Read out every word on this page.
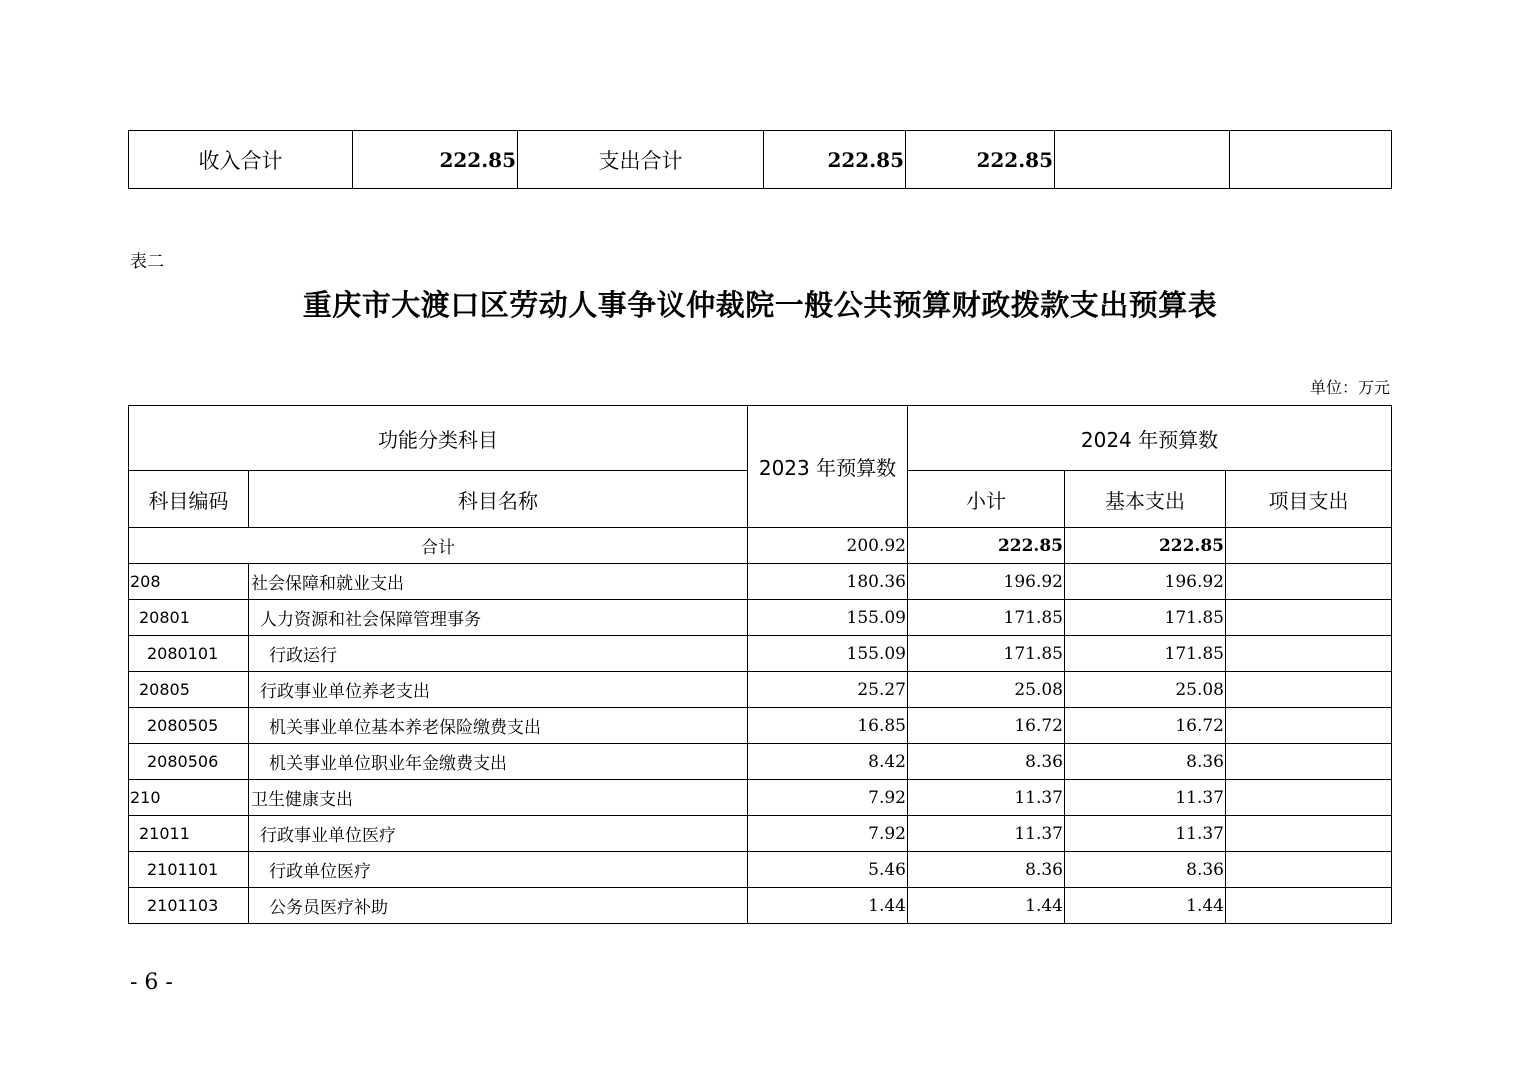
收入合计	222.85	支出合计	222.85	222.85		
表二
重庆市大渡口区劳动人事争议仲裁院一般公共预算财政拨款支出预算表
单位：万元
功能分类科目		2023 年预算数	2024 年预算数		
科目编码	科目名称		小计	基本支出	项目支出
合计		200.92	222.85	222.85	
208	社会保障和就业支出	180.36	196.92	196.92	
20801	人力资源和社会保障管理事务	155.09	171.85	171.85	
2080101	行政运行	155.09	171.85	171.85	
20805	行政事业单位养老支出	25.27	25.08	25.08	
2080505	机关事业单位基本养老保险缴费支出	16.85	16.72	16.72	
2080506	机关事业单位职业年金缴费支出	8.42	8.36	8.36	
210	卫生健康支出	7.92	11.37	11.37	
21011	行政事业单位医疗	7.92	11.37	11.37	
2101101	行政单位医疗	5.46	8.36	8.36	
2101103	公务员医疗补助	1.44	1.44	1.44	
- 6 -
